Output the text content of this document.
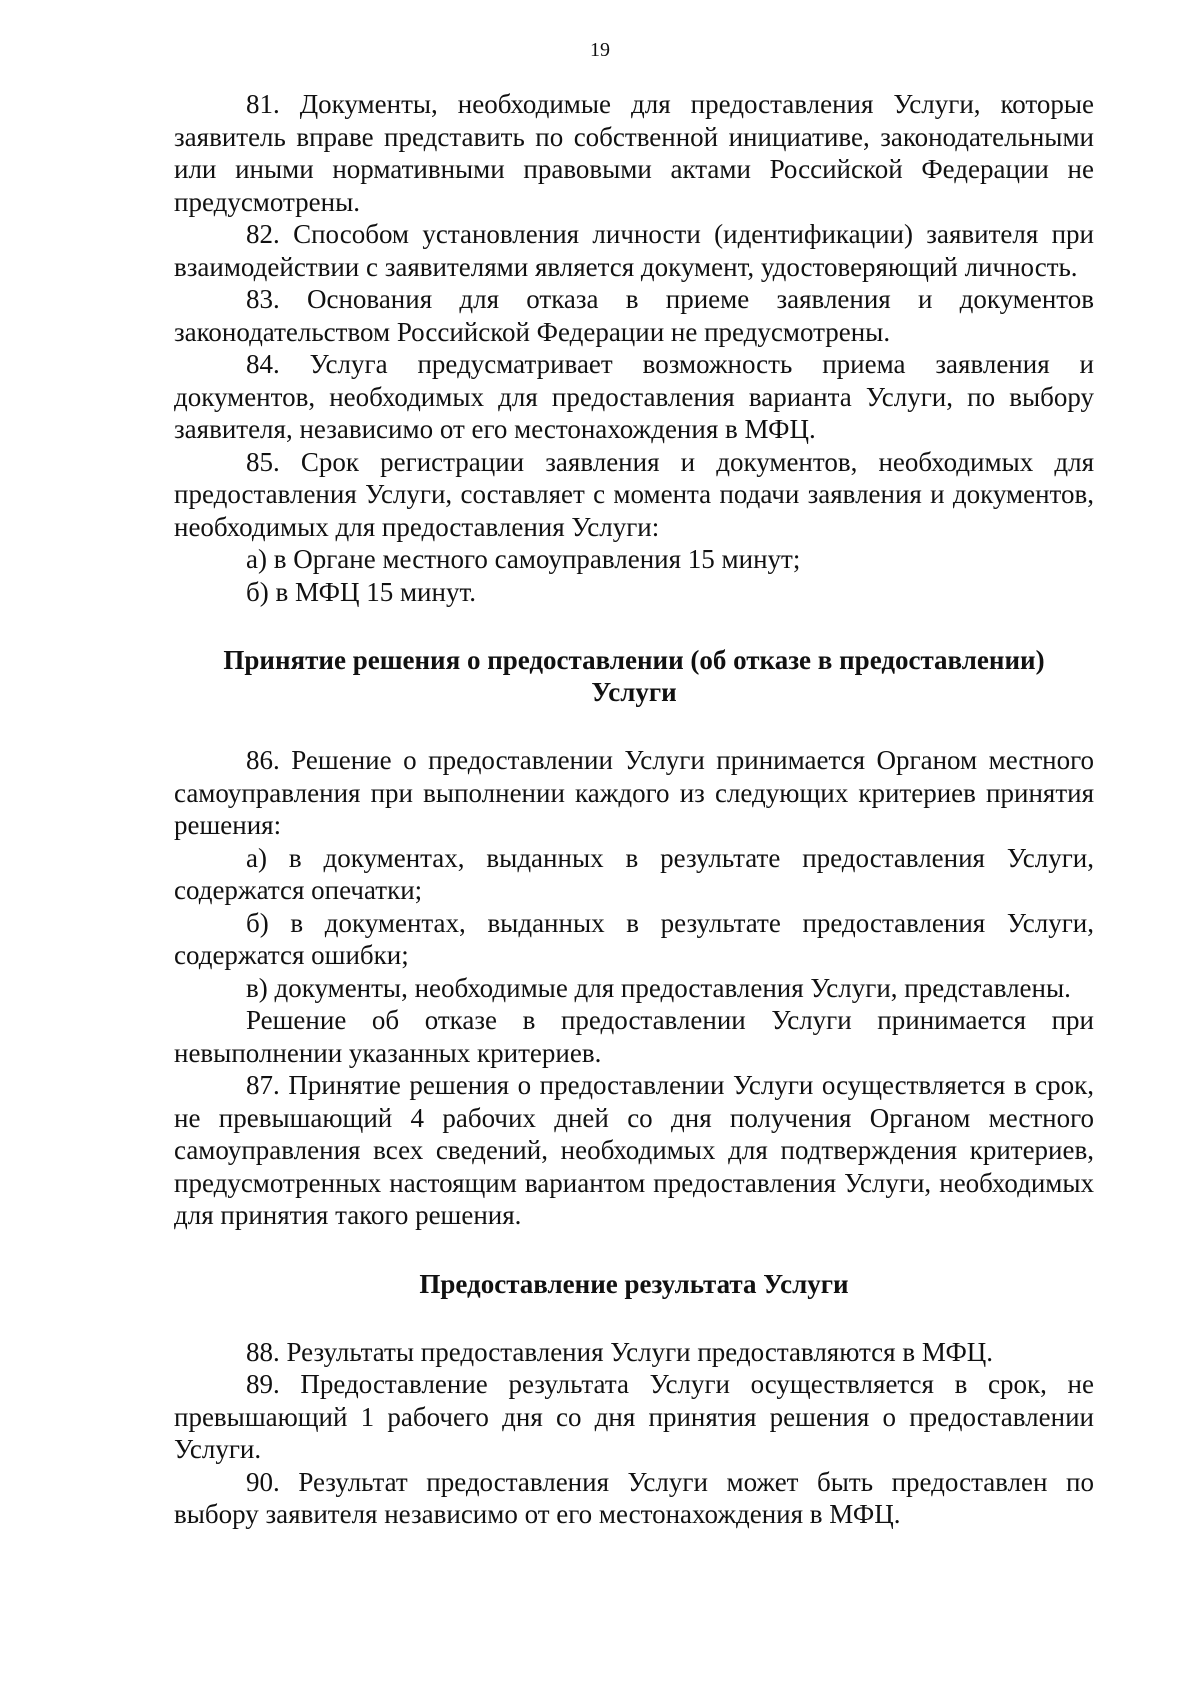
19

81. Документы, необходимые для предоставления Услуги, которые заявитель вправе представить по собственной инициативе, законодательными или иными нормативными правовыми актами Российской Федерации не предусмотрены.

82. Способом установления личности (идентификации) заявителя при взаимодействии с заявителями является документ, удостоверяющий личность.

83. Основания для отказа в приеме заявления и документов законодательством Российской Федерации не предусмотрены.

84. Услуга предусматривает возможность приема заявления и документов, необходимых для предоставления варианта Услуги, по выбору заявителя, независимо от его местонахождения в МФЦ.

85. Срок регистрации заявления и документов, необходимых для предоставления Услуги, составляет с момента подачи заявления и документов, необходимых для предоставления Услуги:

а) в Органе местного самоуправления 15 минут;

б) в МФЦ 15 минут.

Принятие решения о предоставлении (об отказе в предоставлении)
Услуги

86. Решение о предоставлении Услуги принимается Органом местного самоуправления при выполнении каждого из следующих критериев принятия решения:

а) в документах, выданных в результате предоставления Услуги, содержатся опечатки;

б) в документах, выданных в результате предоставления Услуги, содержатся ошибки;

в) документы, необходимые для предоставления Услуги, представлены.

Решение об отказе в предоставлении Услуги принимается при невыполнении указанных критериев.

87. Принятие решения о предоставлении Услуги осуществляется в срок, не превышающий 4 рабочих дней со дня получения Органом местного самоуправления всех сведений, необходимых для подтверждения критериев, предусмотренных настоящим вариантом предоставления Услуги, необходимых для принятия такого решения.

Предоставление результата Услуги

88. Результаты предоставления Услуги предоставляются в МФЦ.

89. Предоставление результата Услуги осуществляется в срок, не превышающий 1 рабочего дня со дня принятия решения о предоставлении Услуги.

90. Результат предоставления Услуги может быть предоставлен по выбору заявителя независимо от его местонахождения в МФЦ.
